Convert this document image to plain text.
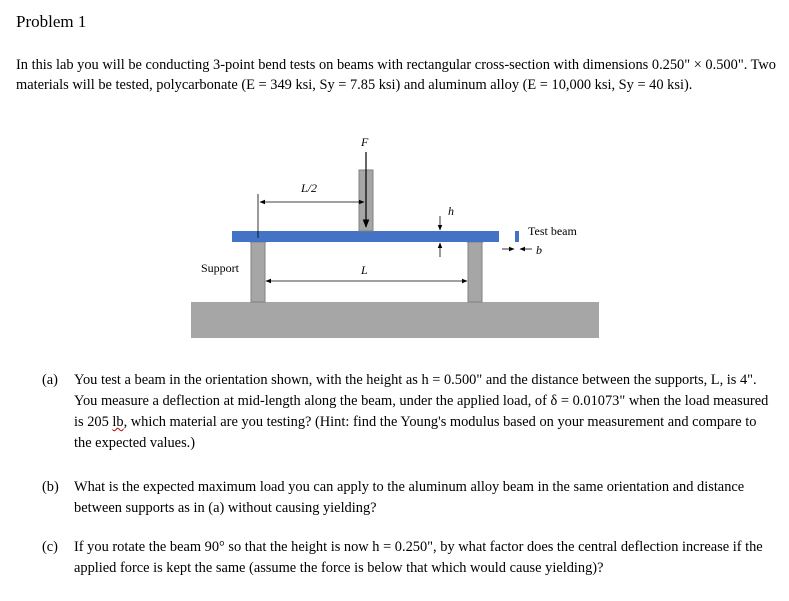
Problem 1
In this lab you will be conducting 3-point bend tests on beams with rectangular cross-section with dimensions 0.250" × 0.500". Two materials will be tested, polycarbonate (E = 349 ksi, Sy = 7.85 ksi) and aluminum alloy (E = 10,000 ksi, Sy = 40 ksi).
F
L/2
h
Test beam
b
L
Support
(a) You test a beam in the orientation shown, with the height as h = 0.500" and the distance between the supports, L, is 4". You measure a deflection at mid-length along the beam, under the applied load, of δ = 0.01073" when the load measured is 205 lb, which material are you testing? (Hint: find the Young's modulus based on your measurement and compare to the expected values.)
(b) What is the expected maximum load you can apply to the aluminum alloy beam in the same orientation and distance between supports as in (a) without causing yielding?
(c) If you rotate the beam 90° so that the height is now h = 0.250", by what factor does the central deflection increase if the applied force is kept the same (assume the force is below that which would cause yielding)?
